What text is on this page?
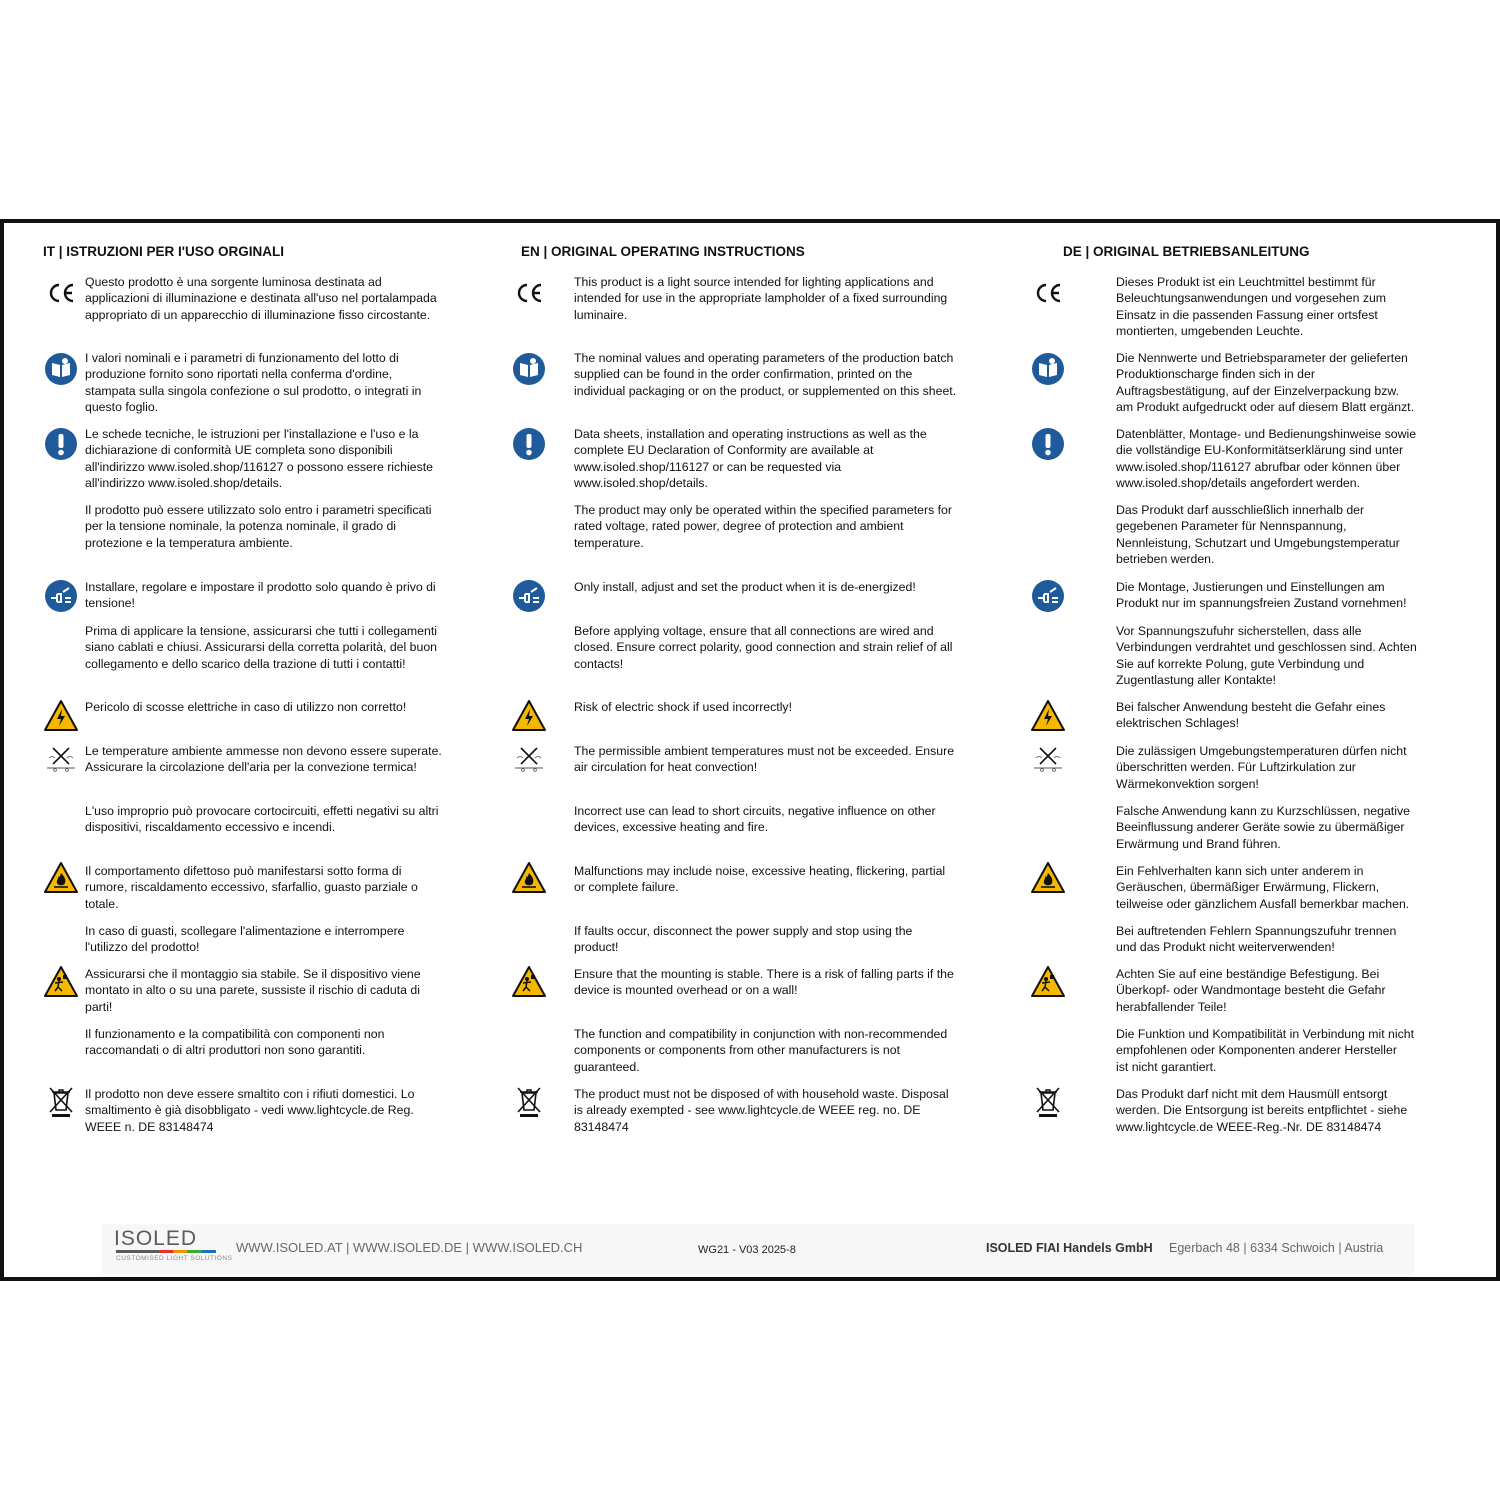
IT | ISTRUZIONI PER I'USO ORGINALI

Questo prodotto è una sorgente luminosa destinata ad
applicazioni di illuminazione e destinata all'uso nel portalampada
appropriato di un apparecchio di illuminazione fisso circostante.

I valori nominali e i parametri di funzionamento del lotto di
produzione fornito sono riportati nella conferma d'ordine,
stampata sulla singola confezione o sul prodotto, o integrati in
questo foglio.

Le schede tecniche, le istruzioni per l'installazione e l'uso e la
dichiarazione di conformità UE completa sono disponibili
all'indirizzo www.isoled.shop/116127 o possono essere richieste
all'indirizzo www.isoled.shop/details.

Il prodotto può essere utilizzato solo entro i parametri specificati
per la tensione nominale, la potenza nominale, il grado di
protezione e la temperatura ambiente.

Installare, regolare e impostare il prodotto solo quando è privo di
tensione!

Prima di applicare la tensione, assicurarsi che tutti i collegamenti
siano cablati e chiusi. Assicurarsi della corretta polarità, del buon
collegamento e dello scarico della trazione di tutti i contatti!

Pericolo di scosse elettriche in caso di utilizzo non corretto!

Le temperature ambiente ammesse non devono essere superate.
Assicurare la circolazione dell'aria per la convezione termica!

L'uso improprio può provocare cortocircuiti, effetti negativi su altri
dispositivi, riscaldamento eccessivo e incendi.

Il comportamento difettoso può manifestarsi sotto forma di
rumore, riscaldamento eccessivo, sfarfallio, guasto parziale o
totale.

In caso di guasti, scollegare l'alimentazione e interrompere
l'utilizzo del prodotto!

Assicurarsi che il montaggio sia stabile. Se il dispositivo viene
montato in alto o su una parete, sussiste il rischio di caduta di
parti!

Il funzionamento e la compatibilità con componenti non
raccomandati o di altri produttori non sono garantiti.

Il prodotto non deve essere smaltito con i rifiuti domestici. Lo
smaltimento è già disobbligato - vedi www.lightcycle.de Reg.
WEEE n. DE 83148474

EN | ORIGINAL OPERATING INSTRUCTIONS

This product is a light source intended for lighting applications and
intended for use in the appropriate lampholder of a fixed surrounding
luminaire.

The nominal values and operating parameters of the production batch
supplied can be found in the order confirmation, printed on the
individual packaging or on the product, or supplemented on this sheet.

Data sheets, installation and operating instructions as well as the
complete EU Declaration of Conformity are available at
www.isoled.shop/116127 or can be requested via
www.isoled.shop/details.

The product may only be operated within the specified parameters for
rated voltage, rated power, degree of protection and ambient
temperature.

Only install, adjust and set the product when it is de-energized!

Before applying voltage, ensure that all connections are wired and
closed. Ensure correct polarity, good connection and strain relief of all
contacts!

Risk of electric shock if used incorrectly!

The permissible ambient temperatures must not be exceeded. Ensure
air circulation for heat convection!

Incorrect use can lead to short circuits, negative influence on other
devices, excessive heating and fire.

Malfunctions may include noise, excessive heating, flickering, partial
or complete failure.

If faults occur, disconnect the power supply and stop using the
product!

Ensure that the mounting is stable. There is a risk of falling parts if the
device is mounted overhead or on a wall!

The function and compatibility in conjunction with non-recommended
components or components from other manufacturers is not
guaranteed.

The product must not be disposed of with household waste. Disposal
is already exempted - see www.lightcycle.de WEEE reg. no. DE
83148474

DE | ORIGINAL BETRIEBSANLEITUNG

Dieses Produkt ist ein Leuchtmittel bestimmt für
Beleuchtungsanwendungen und vorgesehen zum
Einsatz in die passenden Fassung einer ortsfest
montierten, umgebenden Leuchte.

Die Nennwerte und Betriebsparameter der gelieferten
Produktionscharge finden sich in der
Auftragsbestätigung, auf der Einzelverpackung bzw.
am Produkt aufgedruckt oder auf diesem Blatt ergänzt.

Datenblätter, Montage- und Bedienungshinweise sowie
die vollständige EU-Konformitätserklärung sind unter
www.isoled.shop/116127 abrufbar oder können über
www.isoled.shop/details angefordert werden.

Das Produkt darf ausschließlich innerhalb der
gegebenen Parameter für Nennspannung,
Nennleistung, Schutzart und Umgebungstemperatur
betrieben werden.

Die Montage, Justierungen und Einstellungen am
Produkt nur im spannungsfreien Zustand vornehmen!

Vor Spannungszufuhr sicherstellen, dass alle
Verbindungen verdrahtet und geschlossen sind. Achten
Sie auf korrekte Polung, gute Verbindung und
Zugentlastung aller Kontakte!

Bei falscher Anwendung besteht die Gefahr eines
elektrischen Schlages!

Die zulässigen Umgebungstemperaturen dürfen nicht
überschritten werden. Für Luftzirkulation zur
Wärmekonvektion sorgen!

Falsche Anwendung kann zu Kurzschlüssen, negative
Beeinflussung anderer Geräte sowie zu übermäßiger
Erwärmung und Brand führen.

Ein Fehlverhalten kann sich unter anderem in
Geräuschen, übermäßiger Erwärmung, Flickern,
teilweise oder gänzlichem Ausfall bemerkbar machen.

Bei auftretenden Fehlern Spannungszufuhr trennen
und das Produkt nicht weiterverwenden!

Achten Sie auf eine beständige Befestigung. Bei
Überkopf- oder Wandmontage besteht die Gefahr
herabfallender Teile!

Die Funktion und Kompatibilität in Verbindung mit nicht
empfohlenen oder Komponenten anderer Hersteller
ist nicht garantiert.

Das Produkt darf nicht mit dem Hausmüll entsorgt
werden. Die Entsorgung ist bereits entpflichtet - siehe
www.lightcycle.de WEEE-Reg.-Nr. DE 83148474

ISOLED
CUSTOMISED LIGHT SOLUTIONS
WWW.ISOLED.AT | WWW.ISOLED.DE | WWW.ISOLED.CH	WG21 - V03 2025-8	ISOLED FIAI Handels GmbH Egerbach 48 | 6334 Schwoich | Austria
